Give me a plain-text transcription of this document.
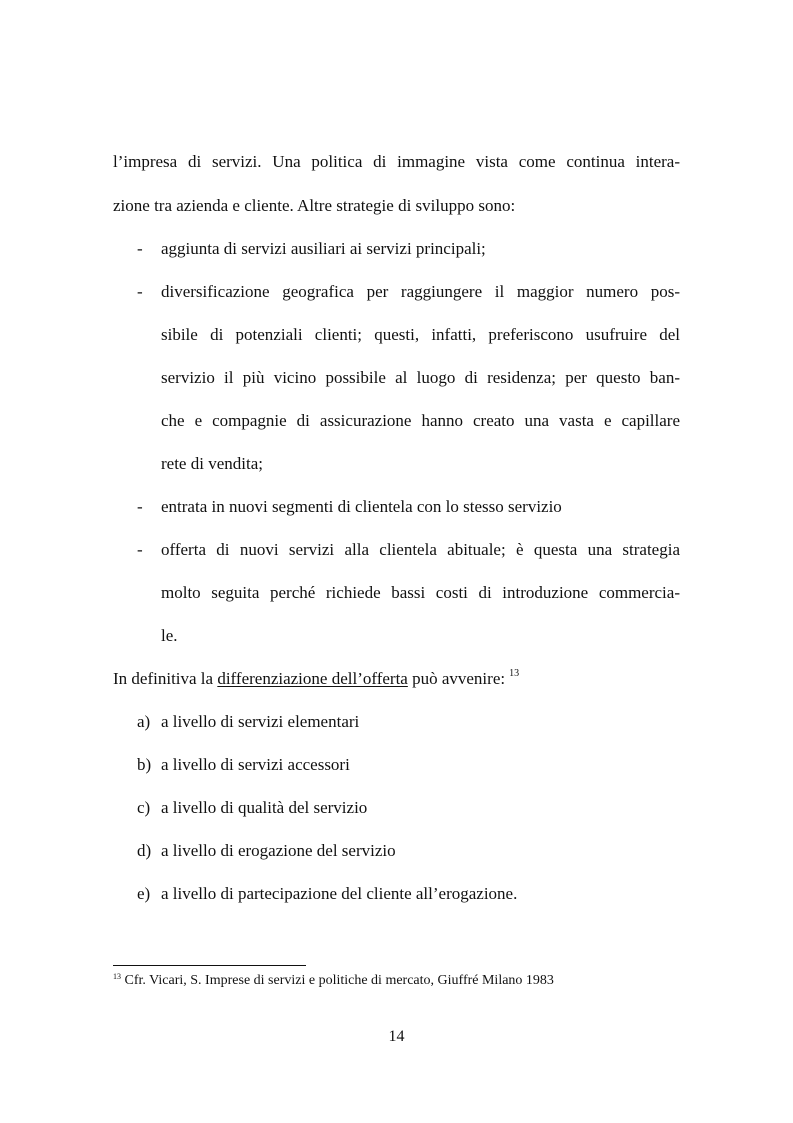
l’impresa di servizi. Una politica di immagine vista come continua intera-
zione tra azienda e cliente. Altre strategie di sviluppo sono:
- aggiunta di servizi ausiliari ai servizi principali;
- diversificazione geografica per raggiungere il maggior numero pos-
sibile di potenziali clienti; questi, infatti, preferiscono usufruire del
servizio il più vicino possibile al luogo di residenza; per questo ban-
che e compagnie di assicurazione hanno creato una vasta e capillare
rete di vendita;
- entrata in nuovi segmenti di clientela con lo stesso servizio
- offerta di nuovi servizi alla clientela abituale; è questa una strategia
molto seguita perché richiede bassi costi di introduzione commercia-
le.
In definitiva la differenziazione dell’offerta può avvenire: $^{13}$
a) a livello di servizi elementari
b) a livello di servizi accessori
c) a livello di qualità del servizio
d) a livello di erogazione del servizio
e) a livello di partecipazione del cliente all’erogazione.
$^{13}$ Cfr. Vicari, S. Imprese di servizi e politiche di mercato, Giuffré Milano 1983
14
